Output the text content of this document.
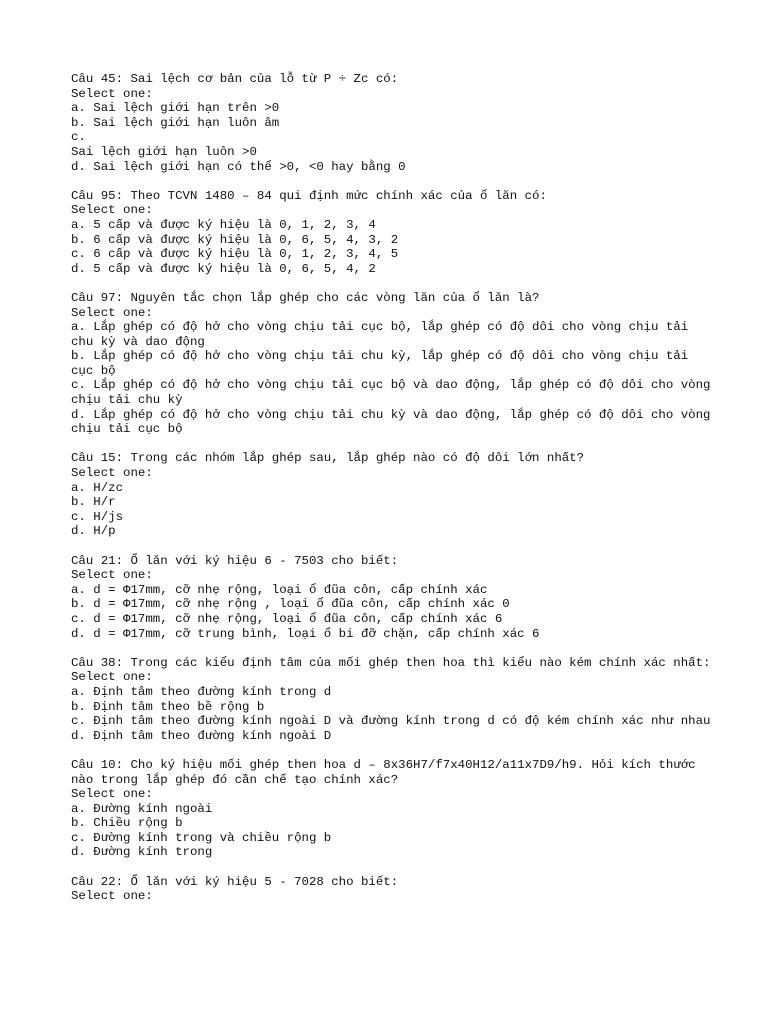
Câu 45: Sai lệch cơ bản của lỗ từ P ÷ Zc có:
Select one:
a. Sai lệch giới hạn trên >0
b. Sai lệch giới hạn luôn âm
c.
Sai lệch giới hạn luôn >0
d. Sai lệch giới hạn có thể >0, <0 hay bằng 0
Câu 95: Theo TCVN 1480 – 84 qui định mức chính xác của ổ lăn có:
Select one:
a. 5 cấp và được ký hiệu là 0, 1, 2, 3, 4
b. 6 cấp và được ký hiệu là 0, 6, 5, 4, 3, 2
c. 6 cấp và được ký hiệu là 0, 1, 2, 3, 4, 5
d. 5 cấp và được ký hiệu là 0, 6, 5, 4, 2
Câu 97: Nguyên tắc chọn lắp ghép cho các vòng lăn của ổ lăn là?
Select one:
a. Lắp ghép có độ hở cho vòng chịu tải cục bộ, lắp ghép có độ dôi cho vòng chịu tải chu kỳ và dao động
b. Lắp ghép có độ hở cho vòng chịu tải chu kỳ, lắp ghép có độ dôi cho vòng chịu tải cục bộ
c. Lắp ghép có độ hở cho vòng chịu tải cục bộ và dao động, lắp ghép có độ dôi cho vòng chịu tải chu kỳ
d. Lắp ghép có độ hở cho vòng chịu tải chu kỳ và dao động, lắp ghép có độ dôi cho vòng chịu tải cục bộ
Câu 15: Trong các nhóm lắp ghép sau, lắp ghép nào có độ dôi lớn nhất?
Select one:
a. H/zc
b. H/r
c. H/js
d. H/p
Câu 21: Ổ lăn với ký hiệu 6 - 7503 cho biết:
Select one:
a. d = Φ17mm, cỡ nhẹ rộng, loại ổ đũa côn, cấp chính xác
b. d = Φ17mm, cỡ nhẹ rộng , loại ổ đũa côn, cấp chính xác 0
c. d = Φ17mm, cỡ nhẹ rộng, loại ổ đũa côn, cấp chính xác 6
d. d = Φ17mm, cỡ trung bình, loại ổ bi đỡ chặn, cấp chính xác 6
Câu 38: Trong các kiểu định tâm của mối ghép then hoa thì kiểu nào kém chính xác nhất:
Select one:
a. Định tâm theo đường kính trong d
b. Định tâm theo bề rộng b
c. Định tâm theo đường kính ngoài D và đường kính trong d có độ kém chính xác như nhau
d. Định tâm theo đường kính ngoài D
Câu 10: Cho ký hiệu mối ghép then hoa d – 8x36H7/f7x40H12/a11x7D9/h9. Hỏi kích thước nào trong lắp ghép đó cần chế tạo chính xác?
Select one:
a. Đường kính ngoài
b. Chiều rộng b
c. Đường kính trong và chiều rộng b
d. Đường kính trong
Câu 22: Ổ lăn với ký hiệu 5 - 7028 cho biết:
Select one:
